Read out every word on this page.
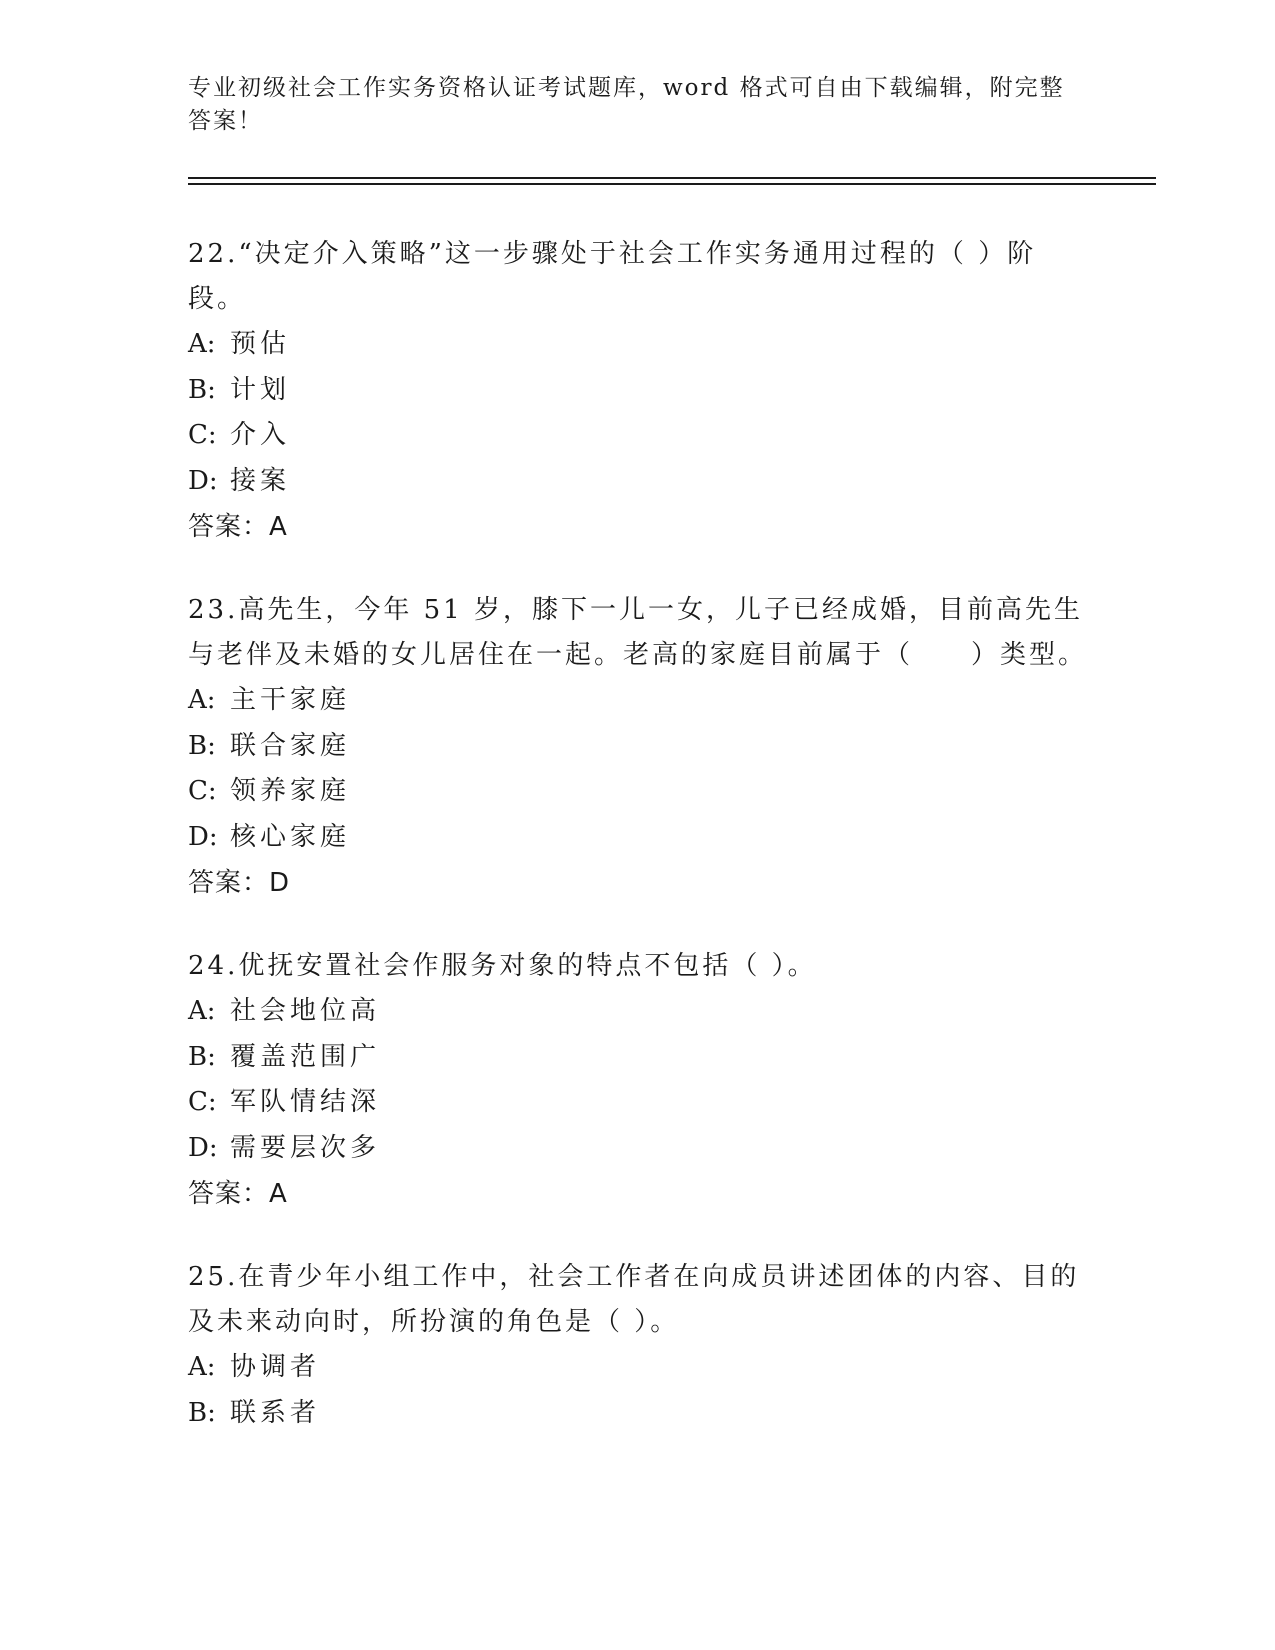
专业初级社会工作实务资格认证考试题库，word 格式可自由下载编辑，附完整答案！
22.“决定介入策略”这一步骤处于社会工作实务通用过程的（ ）阶段。
A: 预估
B: 计划
C: 介入
D: 接案
答案：A
23.高先生，今年 51 岁，膝下一儿一女，儿子已经成婚，目前高先生与老伴及未婚的女儿居住在一起。老高的家庭目前属于（　　）类型。
A: 主干家庭
B: 联合家庭
C: 领养家庭
D: 核心家庭
答案：D
24.优抚安置社会作服务对象的特点不包括（ ）。
A: 社会地位高
B: 覆盖范围广
C: 军队情结深
D: 需要层次多
答案：A
25.在青少年小组工作中，社会工作者在向成员讲述团体的内容、目的及未来动向时，所扮演的角色是（ ）。
A: 协调者
B: 联系者
